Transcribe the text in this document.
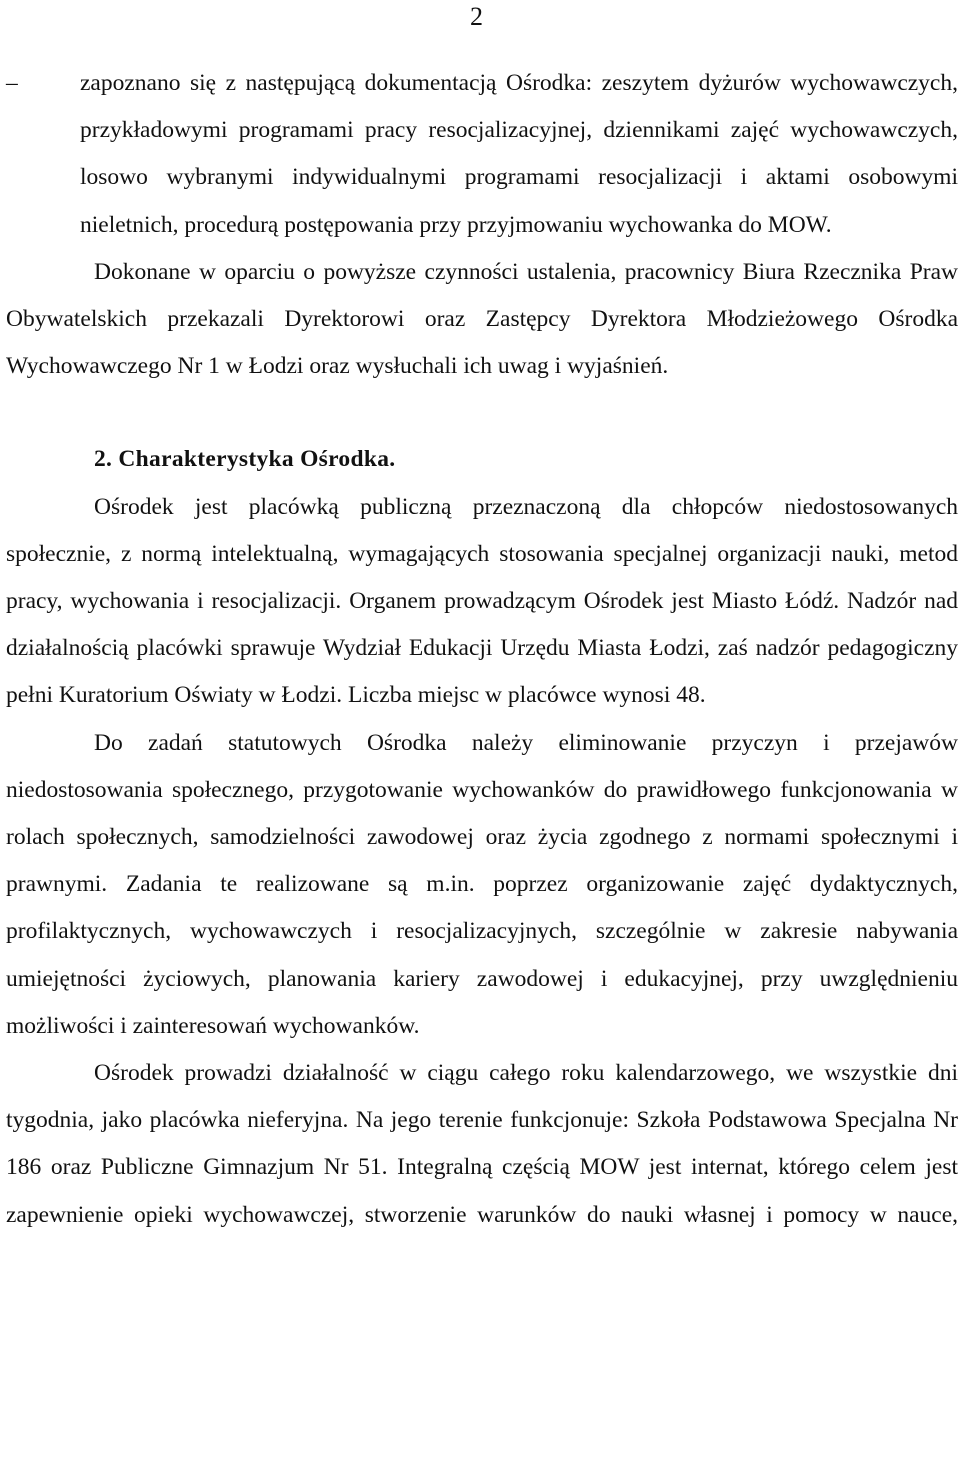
2
–	zapoznano się z następującą dokumentacją Ośrodka: zeszytem dyżurów wychowawczych, przykładowymi programami pracy resocjalizacyjnej, dziennikami zajęć wychowawczych, losowo wybranymi indywidualnymi programami resocjalizacji i aktami osobowymi nieletnich, procedurą postępowania przy przyjmowaniu wychowanka do MOW.

Dokonane w oparciu o powyższe czynności ustalenia, pracownicy Biura Rzecznika Praw Obywatelskich przekazali Dyrektorowi oraz Zastępcy Dyrektora Młodzieżowego Ośrodka Wychowawczego Nr 1 w Łodzi oraz wysłuchali ich uwag i wyjaśnień.

2. Charakterystyka Ośrodka.

Ośrodek jest placówką publiczną przeznaczoną dla chłopców niedostosowanych społecznie, z normą intelektualną, wymagających stosowania specjalnej organizacji nauki, metod pracy, wychowania i resocjalizacji. Organem prowadzącym Ośrodek jest Miasto Łódź. Nadzór nad działalnością placówki sprawuje Wydział Edukacji Urzędu Miasta Łodzi, zaś nadzór pedagogiczny pełni Kuratorium Oświaty w Łodzi. Liczba miejsc w placówce wynosi 48.

Do zadań statutowych Ośrodka należy eliminowanie przyczyn i przejawów niedostosowania społecznego, przygotowanie wychowanków do prawidłowego funkcjonowania w rolach społecznych, samodzielności zawodowej oraz życia zgodnego z normami społecznymi i prawnymi. Zadania te realizowane są m.in. poprzez organizowanie zajęć dydaktycznych, profilaktycznych, wychowawczych i resocjalizacyjnych, szczególnie w zakresie nabywania umiejętności życiowych, planowania kariery zawodowej i edukacyjnej, przy uwzględnieniu możliwości i zainteresowań wychowanków.

Ośrodek prowadzi działalność w ciągu całego roku kalendarzowego, we wszystkie dni tygodnia, jako placówka nieferyjna. Na jego terenie funkcjonuje: Szkoła Podstawowa Specjalna Nr 186 oraz Publiczne Gimnazjum Nr 51. Integralną częścią MOW jest internat, którego celem jest zapewnienie opieki wychowawczej, stworzenie warunków do nauki własnej i pomocy w nauce,
